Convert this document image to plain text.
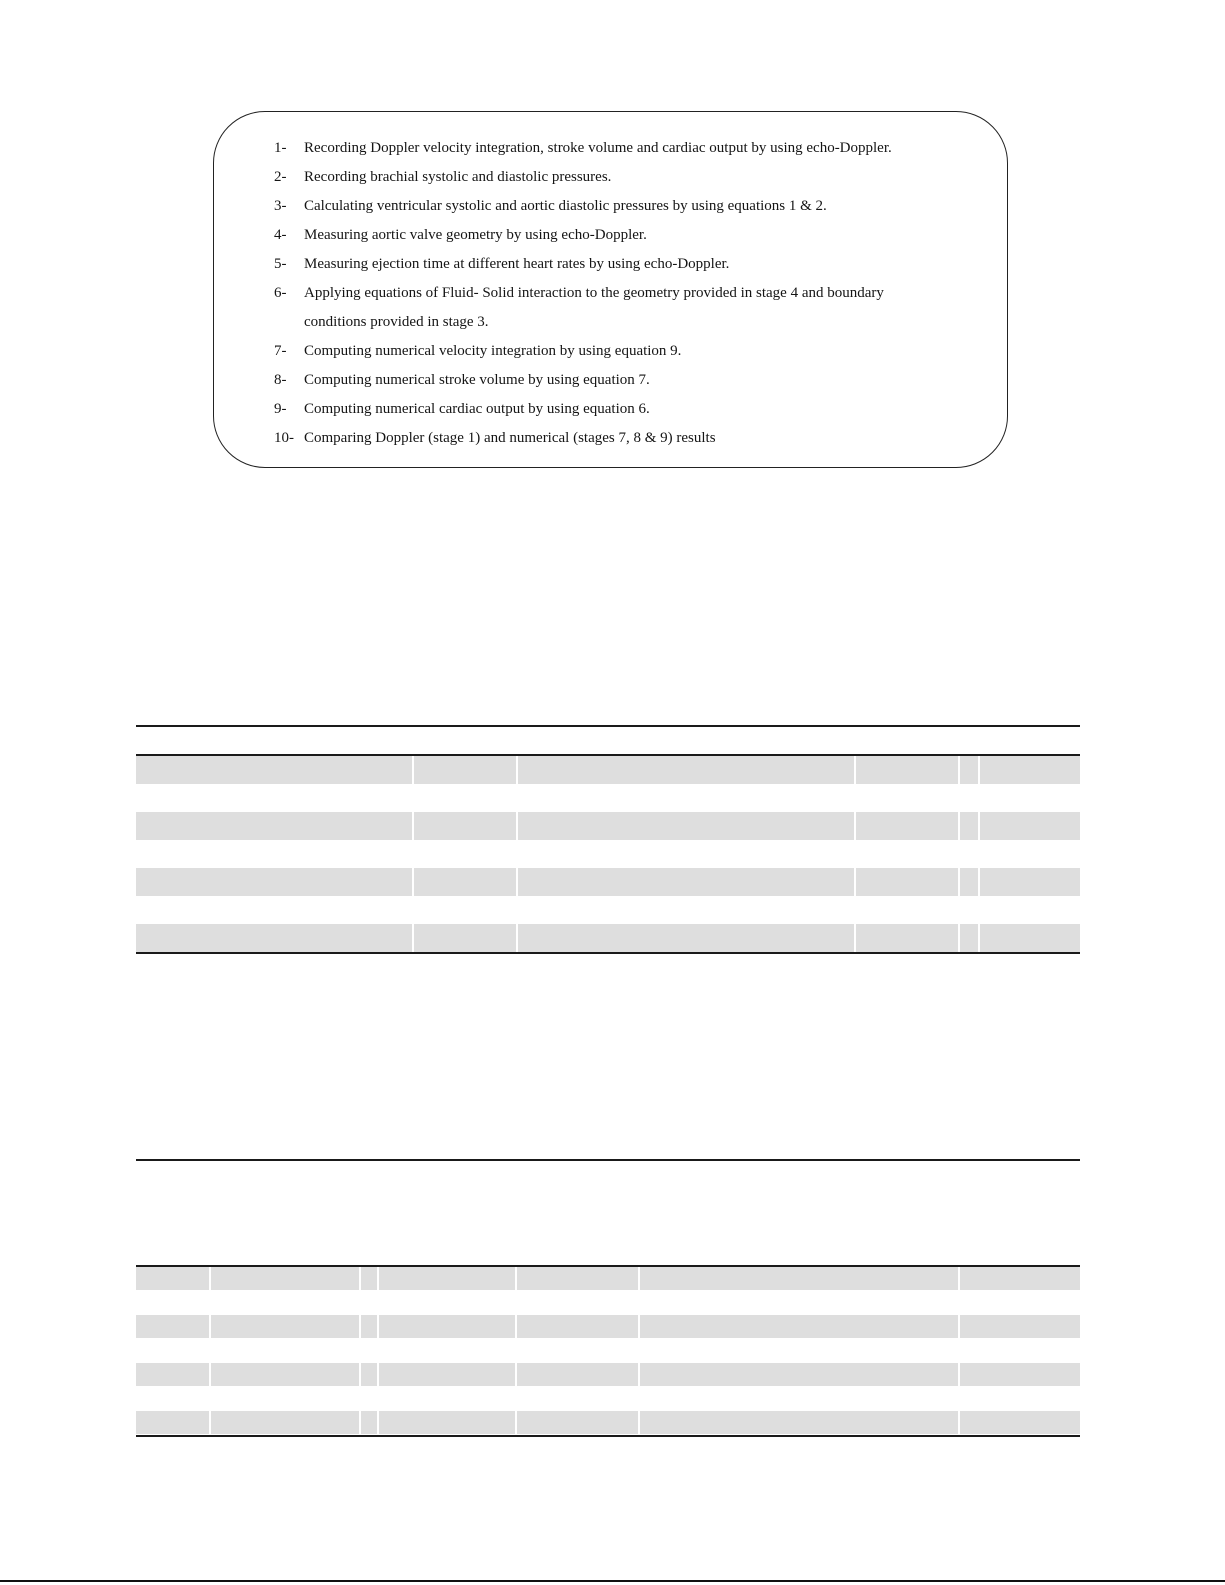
1-	Recording Doppler velocity integration, stroke volume and cardiac output by using echo-Doppler.
2-	Recording brachial systolic and diastolic pressures.
3-	Calculating ventricular systolic and aortic diastolic pressures by using equations 1 & 2.
4-	Measuring aortic valve geometry by using echo-Doppler.
5-	Measuring ejection time at different heart rates by using echo-Doppler.
6-	Applying equations of Fluid- Solid interaction to the geometry provided in stage 4 and boundary
conditions provided in stage 3.
7-	Computing numerical velocity integration by using equation 9.
8-	Computing numerical stroke volume by using equation 7.
9-	Computing numerical cardiac output by using equation 6.
10- Comparing Doppler (stage 1) and numerical (stages 7, 8 & 9) results
